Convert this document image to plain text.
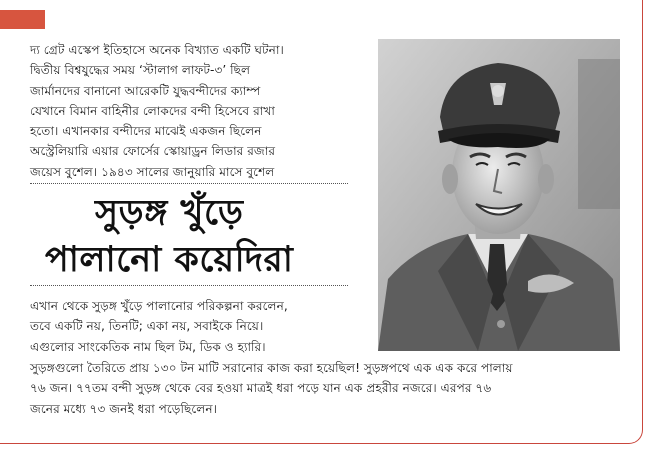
দ্য গ্রেট এস্কেপ ইতিহাসে অনেক বিখ্যাত একটি ঘটনা।
দ্বিতীয় বিশ্বযুদ্ধের সময় ‘স্টালাগ লাফট-৩’ ছিল
জার্মানদের বানানো আরেকটি যুদ্ধবন্দীদের ক্যাম্প
যেখানে বিমান বাহিনীর লোকদের বন্দী হিসেবে রাখা
হতো। এখানকার বন্দীদের মাঝেই একজন ছিলেন
অস্ট্রেলিয়ারি এয়ার ফোর্সের স্কোয়াড্রন লিডার রজার
জয়েস বুশেল। ১৯৪৩ সালের জানুয়ারি মাসে বুশেল

সুড়ঙ্গ খুঁড়ে
পালানো কয়েদিরা

এখান থেকে সুড়ঙ্গ খুঁড়ে পালানোর পরিকল্পনা করলেন,
তবে একটি নয়, তিনটি; একা নয়, সবাইকে নিয়ে।
এগুলোর সাংকেতিক নাম ছিল টম, ডিক ও হ্যারি।

সুড়ঙ্গগুলো তৈরিতে প্রায় ১৩০ টন মাটি সরানোর কাজ করা হয়েছিল! সুড়ঙ্গপথে এক এক করে পালায়
৭৬ জন। ৭৭তম বন্দী সুড়ঙ্গ থেকে বের হওয়া মাত্রই ধরা পড়ে যান এক প্রহরীর নজরে। এরপর ৭৬
জনের মধ্যে ৭৩ জনই ধরা পড়েছিলেন।
